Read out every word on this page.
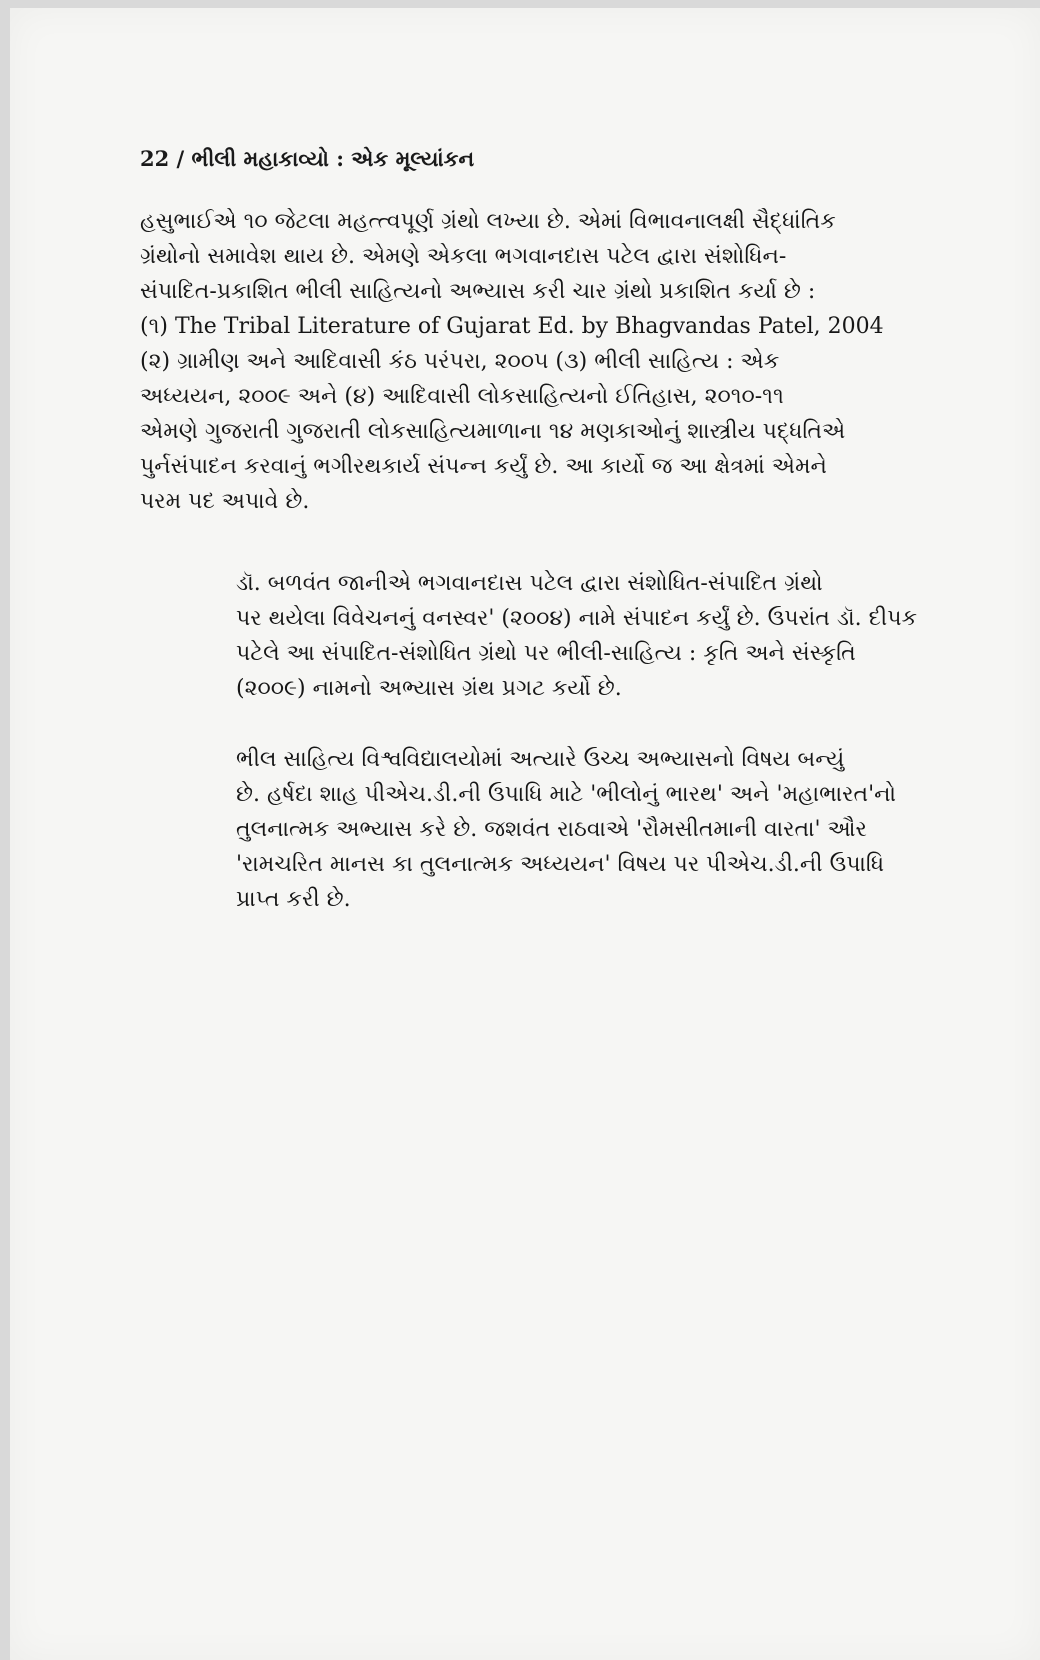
22 / ભીલી મહાકાવ્યો : એક મૂલ્યાંકન
હસુભાઈએ ૧૦ જેટલા મહત્ત્વપૂર્ણ ગ્રંથો લખ્યા છે. એમાં વિભાવનાલક્ષી સૈદ્ધાંતિક
ગ્રંથોનો સમાવેશ થાય છે. એમણે એકલા ભગવાનદાસ પટેલ દ્વારા સંશોધિન-
સંપાદિત-પ્રકાશિત ભીલી સાહિત્યનો અભ્યાસ કરી ચાર ગ્રંથો પ્રકાશિત કર્યા છે :
(૧) The Tribal Literature of Gujarat Ed. by Bhagvandas Patel, 2004
(૨) ગ્રામીણ અને આદિવાસી કંઠ પરંપરા, ૨૦૦૫ (૩) ભીલી સાહિત્ય : એક
અધ્યયન, ૨૦૦૯ અને (૪) આદિવાસી લોકસાહિત્યનો ઈતિહાસ, ૨૦૧૦-૧૧
એમણે ગુજરાતી ગુજરાતી લોકસાહિત્યમાળાના ૧૪ મણકાઓનું શાસ્ત્રીય પદ્ધતિએ
પુર્નસંપાદન કરવાનું ભગીરથકાર્ય સંપન્ન કર્યું છે. આ કાર્યો જ આ ક્ષેત્રમાં એમને
પરમ પદ અપાવે છે.
ડૉ. બળવંત જાનીએ ભગવાનદાસ પટેલ દ્વારા સંશોધિત-સંપાદિત ગ્રંથો
પર થયેલા વિવેચનનું વનસ્વર' (૨૦૦૪) નામે સંપાદન કર્યું છે. ઉપરાંત ડૉ. દીપક
પટેલે આ સંપાદિત-સંશોધિત ગ્રંથો પર ભીલી-સાહિત્ય : કૃતિ અને સંસ્કૃતિ
(૨૦૦૯) નામનો અભ્યાસ ગ્રંથ પ્રગટ કર્યો છે.
ભીલ સાહિત્ય વિશ્વવિદ્યાલયોમાં અત્યારે ઉચ્ચ અભ્યાસનો વિષય બન્યું
છે. હર્ષદા શાહ પીએચ.ડી.ની ઉપાધિ માટે 'ભીલોનું ભારથ' અને 'મહાભારત'નો
તુલનાત્મક અભ્યાસ કરે છે. જશવંત રાઠવાએ 'રૌમસીતમાની વારતા' ઔર
'રામચરિત માનસ કા તુલનાત્મક અધ્યયન' વિષય પર પીએચ.ડી.ની ઉપાધિ
પ્રાપ્ત કરી છે.
